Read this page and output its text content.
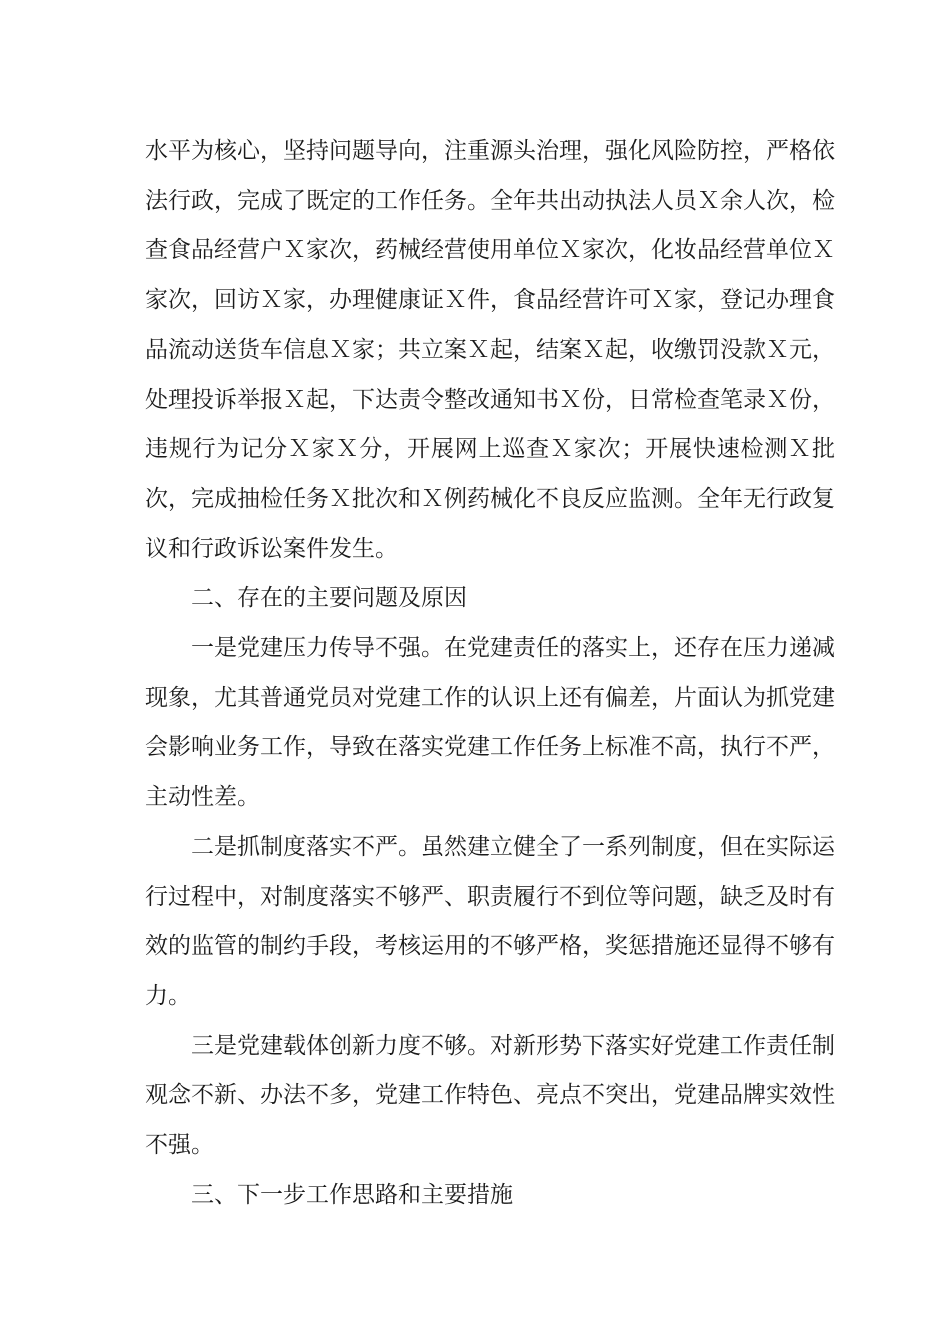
水平为核心，坚持问题导向，注重源头治理，强化风险防控，严格依法行政，完成了既定的工作任务。全年共出动执法人员Ｘ余人次，检查食品经营户Ｘ家次，药械经营使用单位Ｘ家次，化妆品经营单位Ｘ家次，回访Ｘ家，办理健康证Ｘ件，食品经营许可Ｘ家，登记办理食品流动送货车信息Ｘ家；共立案Ｘ起，结案Ｘ起，收缴罚没款Ｘ元，处理投诉举报Ｘ起，下达责令整改通知书Ｘ份，日常检查笔录Ｘ份，违规行为记分Ｘ家Ｘ分，开展网上巡查Ｘ家次；开展快速检测Ｘ批次，完成抽检任务Ｘ批次和Ｘ例药械化不良反应监测。全年无行政复议和行政诉讼案件发生。

二、存在的主要问题及原因

一是党建压力传导不强。在党建责任的落实上，还存在压力递减现象，尤其普通党员对党建工作的认识上还有偏差，片面认为抓党建会影响业务工作，导致在落实党建工作任务上标准不高，执行不严，主动性差。

二是抓制度落实不严。虽然建立健全了一系列制度，但在实际运行过程中，对制度落实不够严、职责履行不到位等问题，缺乏及时有效的监管的制约手段，考核运用的不够严格，奖惩措施还显得不够有力。

三是党建载体创新力度不够。对新形势下落实好党建工作责任制观念不新、办法不多，党建工作特色、亮点不突出，党建品牌实效性不强。

三、下一步工作思路和主要措施
